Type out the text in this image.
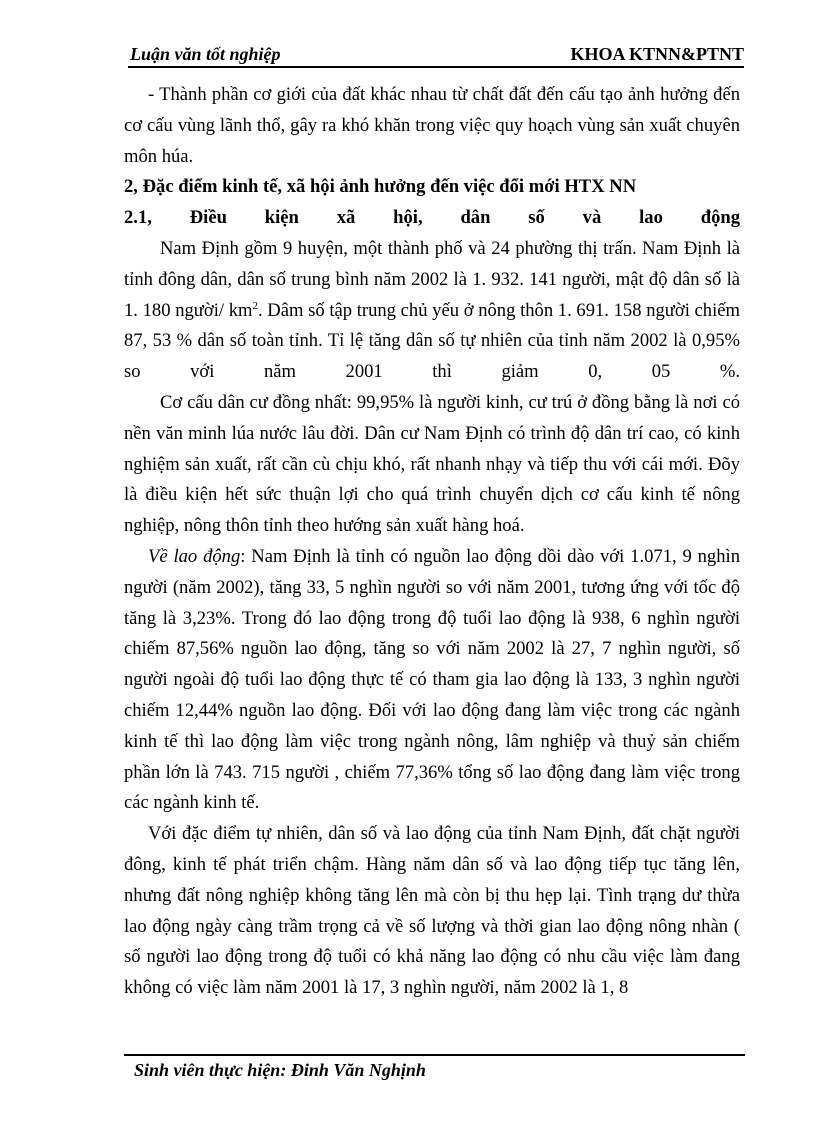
Luận văn tốt nghiệp	KHOA KTNN&PTNT

- Thành phần cơ giới của đất khác nhau từ chất đất đến cấu tạo ảnh hưởng đến cơ cấu vùng lãnh thổ, gây ra khó khăn trong việc quy hoạch vùng sản xuất chuyên môn húa.

2, Đặc điểm kinh tế, xã hội ảnh hưởng đến việc đổi mới HTX NN

2.1, Điều kiện xã hội, dân số và lao động

Nam Định gồm 9 huyện, một thành phố và 24 phường thị trấn. Nam Định là tỉnh đông dân, dân số trung bình năm 2002 là 1. 932. 141 người, mật độ dân số là 1. 180 người/ $km^2$. Dâm số tập trung chủ yếu ở nông thôn 1. 691. 158 người chiếm 87, 53 % dân số toàn tỉnh. Tỉ lệ tăng dân số tự nhiên của tỉnh năm 2002 là 0,95% so với năm 2001 thì giảm 0, 05 %.

Cơ cấu dân cư đồng nhất: 99,95% là người kinh, cư trú ở đồng bằng là nơi có nền văn minh lúa nước lâu đời. Dân cư Nam Định có trình độ dân trí cao, có kinh nghiệm sản xuất, rất cần cù chịu khó, rất nhanh nhạy và tiếp thu với cái mới. Đõy là điều kiện hết sức thuận lợi cho quá trình chuyển dịch cơ cấu kinh tế nông nghiệp, nông thôn tỉnh theo hướng sản xuất hàng hoá.

Về lao động: Nam Định là tỉnh có nguồn lao động dồi dào với 1.071, 9 nghìn người (năm 2002), tăng 33, 5 nghìn người so với năm 2001, tương ứng với tốc độ tăng là 3,23%. Trong đó lao động trong độ tuổi lao động là 938, 6 nghìn người chiếm 87,56% nguồn lao động, tăng so với năm 2002 là 27, 7 nghìn người, số người ngoài độ tuổi lao động thực tế có tham gia lao động là 133, 3 nghìn người chiếm 12,44% nguồn lao động. Đối với lao động đang làm việc trong các ngành kinh tế thì lao động làm việc trong ngành nông, lâm nghiệp và thuỷ sản chiếm phần lớn là 743. 715 người , chiếm 77,36% tổng số lao động đang làm việc trong các ngành kinh tế.

Với đặc điểm tự nhiên, dân số và lao động của tỉnh Nam Định, đất chặt người đông, kinh tế phát triển chậm. Hàng năm dân số và lao động tiếp tục tăng lên, nhưng đất nông nghiệp không tăng lên mà còn bị thu hẹp lại. Tình trạng dư thừa lao động ngày càng trầm trọng cả về số lượng và thời gian lao động nông nhàn ( số người lao động trong độ tuổi có khả năng lao động có nhu cầu việc làm đang không có việc làm năm 2001 là 17, 3 nghìn người, năm 2002 là 1, 8

Sinh viên thực hiện: Đinh Văn Nghịnh
